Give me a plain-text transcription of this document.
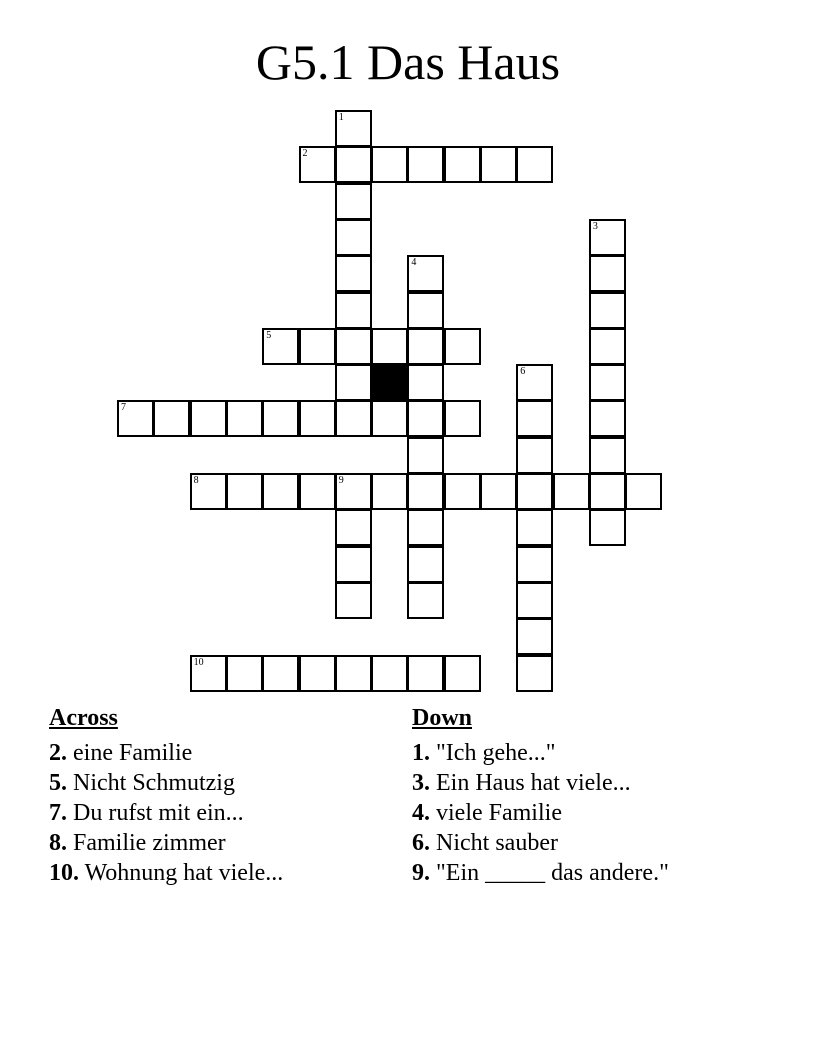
G5.1 Das Haus
2
5
7
8	9
10
1
3
4
6
Across
2. eine Familie
5. Nicht Schmutzig
7. Du rufst mit ein...
8. Familie zimmer
10. Wohnung hat viele...
Down
1. "Ich gehe..."
3. Ein Haus hat viele...
4. viele Familie
6. Nicht sauber
9. "Ein _____ das andere."
